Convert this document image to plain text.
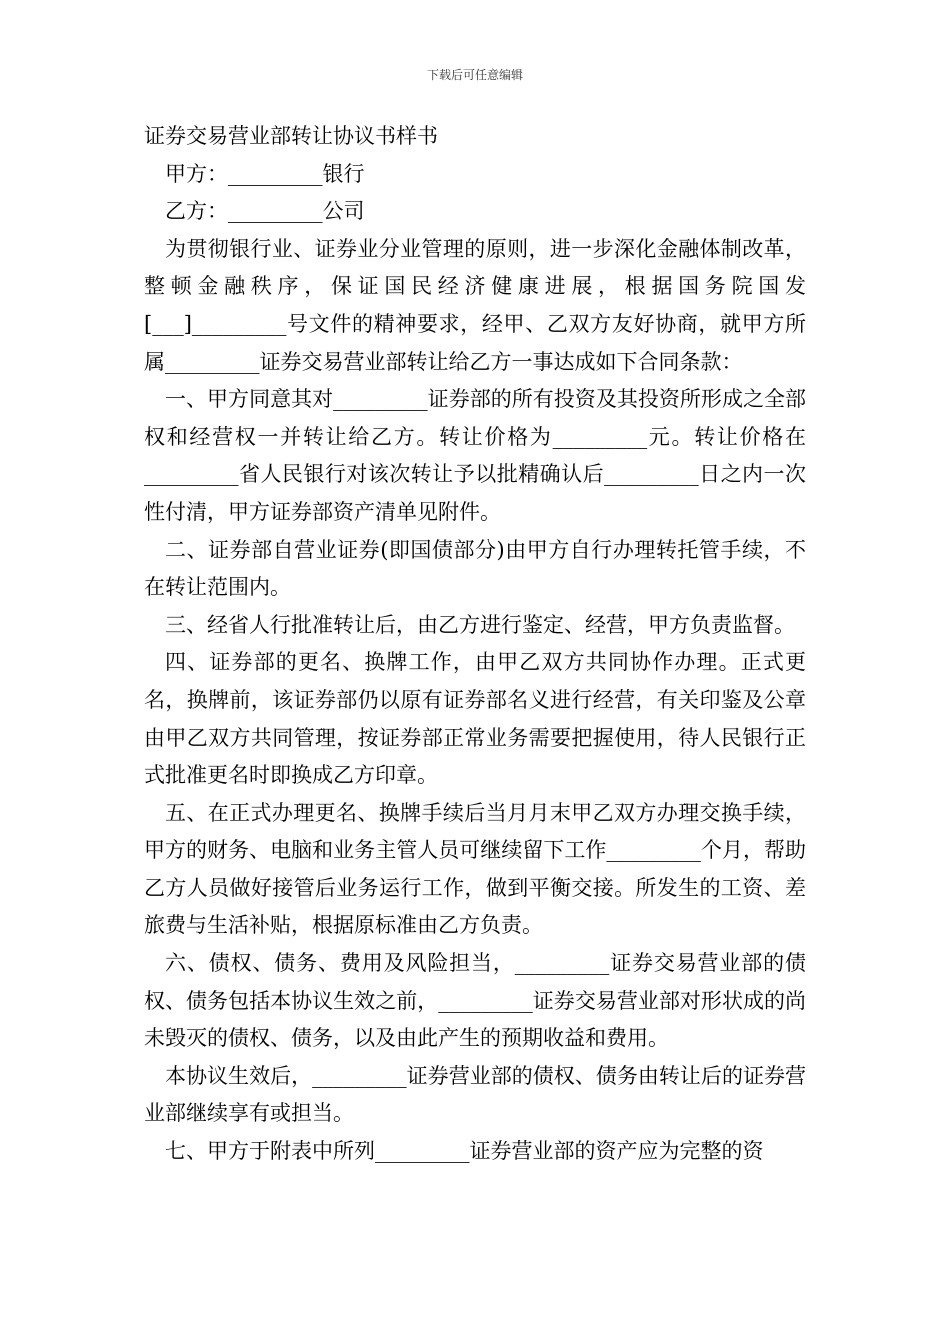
下载后可任意编辑

证券交易营业部转让协议书样书

甲方：_________银行

乙方：_________公司

为贯彻银行业、证券业分业管理的原则，进一步深化金融体制改革，整顿金融秩序，保证国民经济健康进展，根据国务院国发[___]_________号文件的精神要求，经甲、乙双方友好协商，就甲方所属_________证券交易营业部转让给乙方一事达成如下合同条款：

一、甲方同意其对_________证券部的所有投资及其投资所形成之全部权和经营权一并转让给乙方。转让价格为_________元。转让价格在_________省人民银行对该次转让予以批精确认后_________日之内一次性付清，甲方证券部资产清单见附件。

二、证券部自营业证券(即国债部分)由甲方自行办理转托管手续，不在转让范围内。

三、经省人行批准转让后，由乙方进行鉴定、经营，甲方负责监督。

四、证券部的更名、换牌工作，由甲乙双方共同协作办理。正式更名，换牌前，该证券部仍以原有证券部名义进行经营，有关印鉴及公章由甲乙双方共同管理，按证券部正常业务需要把握使用，待人民银行正式批准更名时即换成乙方印章。

五、在正式办理更名、换牌手续后当月月末甲乙双方办理交换手续，甲方的财务、电脑和业务主管人员可继续留下工作_________个月，帮助乙方人员做好接管后业务运行工作，做到平衡交接。所发生的工资、差旅费与生活补贴，根据原标准由乙方负责。

六、债权、债务、费用及风险担当，_________证券交易营业部的债权、债务包括本协议生效之前，_________证券交易营业部对形状成的尚未毁灭的债权、债务，以及由此产生的预期收益和费用。

本协议生效后，_________证券营业部的债权、债务由转让后的证券营业部继续享有或担当。

七、甲方于附表中所列_________证券营业部的资产应为完整的资
